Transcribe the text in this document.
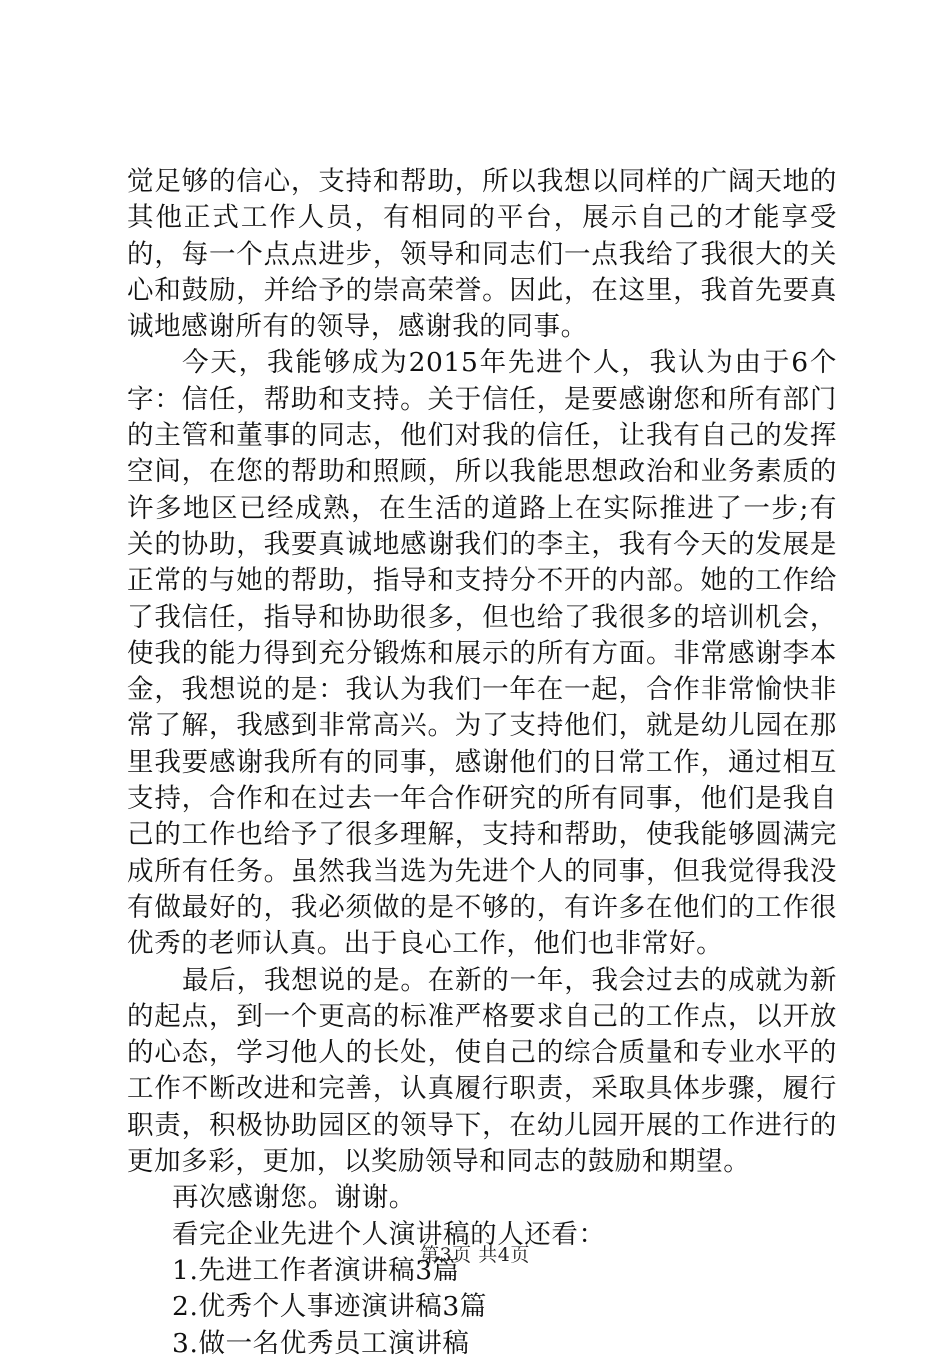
觉足够的信心，支持和帮助，所以我想以同样的广阔天地的其他正式工作人员，有相同的平台，展示自己的才能享受的，每一个点点进步，领导和同志们一点我给了我很大的关心和鼓励，并给予的崇高荣誉。因此，在这里，我首先要真诚地感谢所有的领导，感谢我的同事。

今天，我能够成为2015年先进个人，我认为由于6个字：信任，帮助和支持。关于信任，是要感谢您和所有部门的主管和董事的同志，他们对我的信任，让我有自己的发挥空间，在您的帮助和照顾，所以我能思想政治和业务素质的许多地区已经成熟，在生活的道路上在实际推进了一步;有关的协助，我要真诚地感谢我们的李主，我有今天的发展是正常的与她的帮助，指导和支持分不开的内部。她的工作给了我信任，指导和协助很多，但也给了我很多的培训机会，使我的能力得到充分锻炼和展示的所有方面。非常感谢李本金，我想说的是：我认为我们一年在一起，合作非常愉快非常了解，我感到非常高兴。为了支持他们，就是幼儿园在那里我要感谢我所有的同事，感谢他们的日常工作，通过相互支持，合作和在过去一年合作研究的所有同事，他们是我自己的工作也给予了很多理解，支持和帮助，使我能够圆满完成所有任务。虽然我当选为先进个人的同事，但我觉得我没有做最好的，我必须做的是不够的，有许多在他们的工作很优秀的老师认真。出于良心工作，他们也非常好。

最后，我想说的是。在新的一年，我会过去的成就为新的起点，到一个更高的标准严格要求自己的工作点，以开放的心态，学习他人的长处，使自己的综合质量和专业水平的工作不断改进和完善，认真履行职责，采取具体步骤，履行职责，积极协助园区的领导下，在幼儿园开展的工作进行的更加多彩，更加，以奖励领导和同志的鼓励和期望。

再次感谢您。谢谢。

看完企业先进个人演讲稿的人还看：

1.先进工作者演讲稿3篇

2.优秀个人事迹演讲稿3篇

3.做一名优秀员工演讲稿

第3页 共4页
